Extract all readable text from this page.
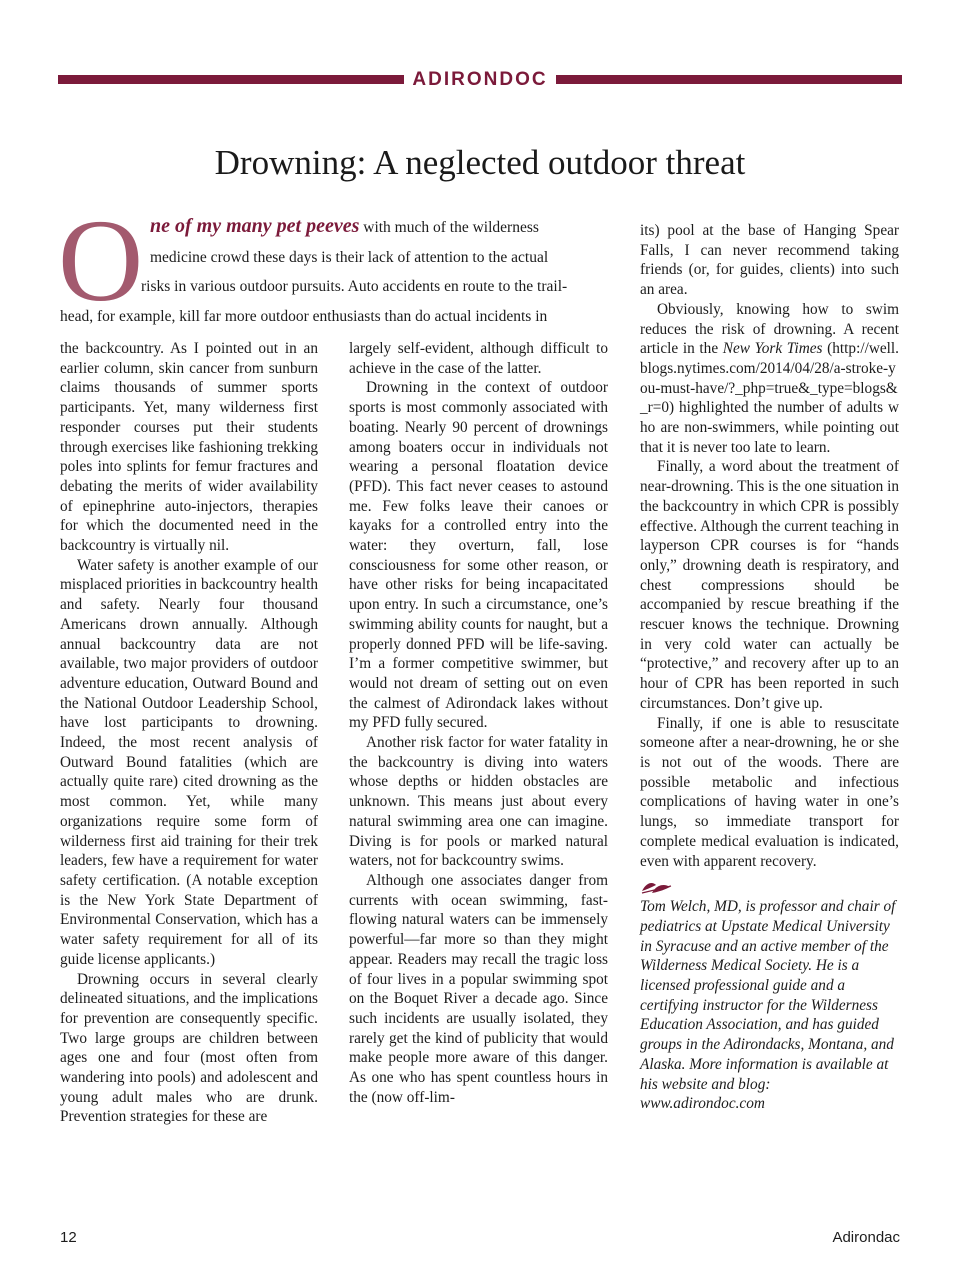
ADIRONDOC
Drowning: A neglected outdoor threat
O ne of my many pet peeves with much of the wilderness
medicine crowd these days is their lack of attention to the actual
risks in various outdoor pursuits. Auto accidents en route to the trail-
head, for example, kill far more outdoor enthusiasts than do actual incidents in

the backcountry. As I pointed out in an earlier column, skin cancer from sunburn claims thousands of summer sports participants. Yet, many wilderness first responder courses put their students through exercises like fashioning trekking poles into splints for femur fractures and debating the merits of wider availability of epinephrine auto-injectors, therapies for which the documented need in the backcountry is virtually nil.

Water safety is another example of our misplaced priorities in backcountry health and safety. Nearly four thousand Americans drown annually. Although annual backcountry data are not available, two major providers of outdoor adventure education, Outward Bound and the National Outdoor Leadership School, have lost participants to drowning. Indeed, the most recent analysis of Outward Bound fatalities (which are actually quite rare) cited drowning as the most common. Yet, while many organizations require some form of wilderness first aid training for their trek leaders, few have a requirement for water safety certification. (A notable exception is the New York State Department of Environmental Conservation, which has a water safety requirement for all of its guide license applicants.)

Drowning occurs in several clearly delineated situations, and the implications for prevention are consequently specific. Two large groups are children between ages one and four (most often from wandering into pools) and adolescent and young adult males who are drunk. Prevention strategies for these are

largely self-evident, although difficult to achieve in the case of the latter.

Drowning in the context of outdoor sports is most commonly associated with boating. Nearly 90 percent of drownings among boaters occur in individuals not wearing a personal floatation device (PFD). This fact never ceases to astound me. Few folks leave their canoes or kayaks for a controlled entry into the water: they overturn, fall, lose consciousness for some other reason, or have other risks for being incapacitated upon entry. In such a circumstance, one’s swimming ability counts for naught, but a properly donned PFD will be life-saving. I’m a former competitive swimmer, but would not dream of setting out on even the calmest of Adirondack lakes without my PFD fully secured.

Another risk factor for water fatality in the backcountry is diving into waters whose depths or hidden obstacles are unknown. This means just about every natural swimming area one can imagine. Diving is for pools or marked natural waters, not for backcountry swims.

Although one associates danger from currents with ocean swimming, fast-flowing natural waters can be immensely powerful—far more so than they might appear. Readers may recall the tragic loss of four lives in a popular swimming spot on the Boquet River a decade ago. Since such incidents are usually isolated, they rarely get the kind of publicity that would make people more aware of this danger. As one who has spent countless hours in the (now off-lim-

its) pool at the base of Hanging Spear Falls, I can never recommend taking friends (or, for guides, clients) into such an area.

Obviously, knowing how to swim reduces the risk of drowning. A recent article in the New York Times (http://well.blogs.nytimes.com/2014/04/28/a-stroke-you-must-have/?_php=true&_type=blogs&_r=0) highlighted the number of adults who are non-swimmers, while pointing out that it is never too late to learn.

Finally, a word about the treatment of near-drowning. This is the one situation in the backcountry in which CPR is possibly effective. Although the current teaching in layperson CPR courses is for “hands only,” drowning death is respiratory, and chest compressions should be accompanied by rescue breathing if the rescuer knows the technique. Drowning in very cold water can actually be “protective,” and recovery after up to an hour of CPR has been reported in such circumstances. Don’t give up.

Finally, if one is able to resuscitate someone after a near-drowning, he or she is not out of the woods. There are possible metabolic and infectious complications of having water in one’s lungs, so immediate transport for complete medical evaluation is indicated, even with apparent recovery.

Tom Welch, MD, is professor and chair of pediatrics at Upstate Medical University in Syracuse and an active member of the Wilderness Medical Society. He is a licensed professional guide and a certifying instructor for the Wilderness Education Association, and has guided groups in the Adirondacks, Montana, and Alaska. More information is available at his website and blog: www.adirondoc.com
12	Adirondac
